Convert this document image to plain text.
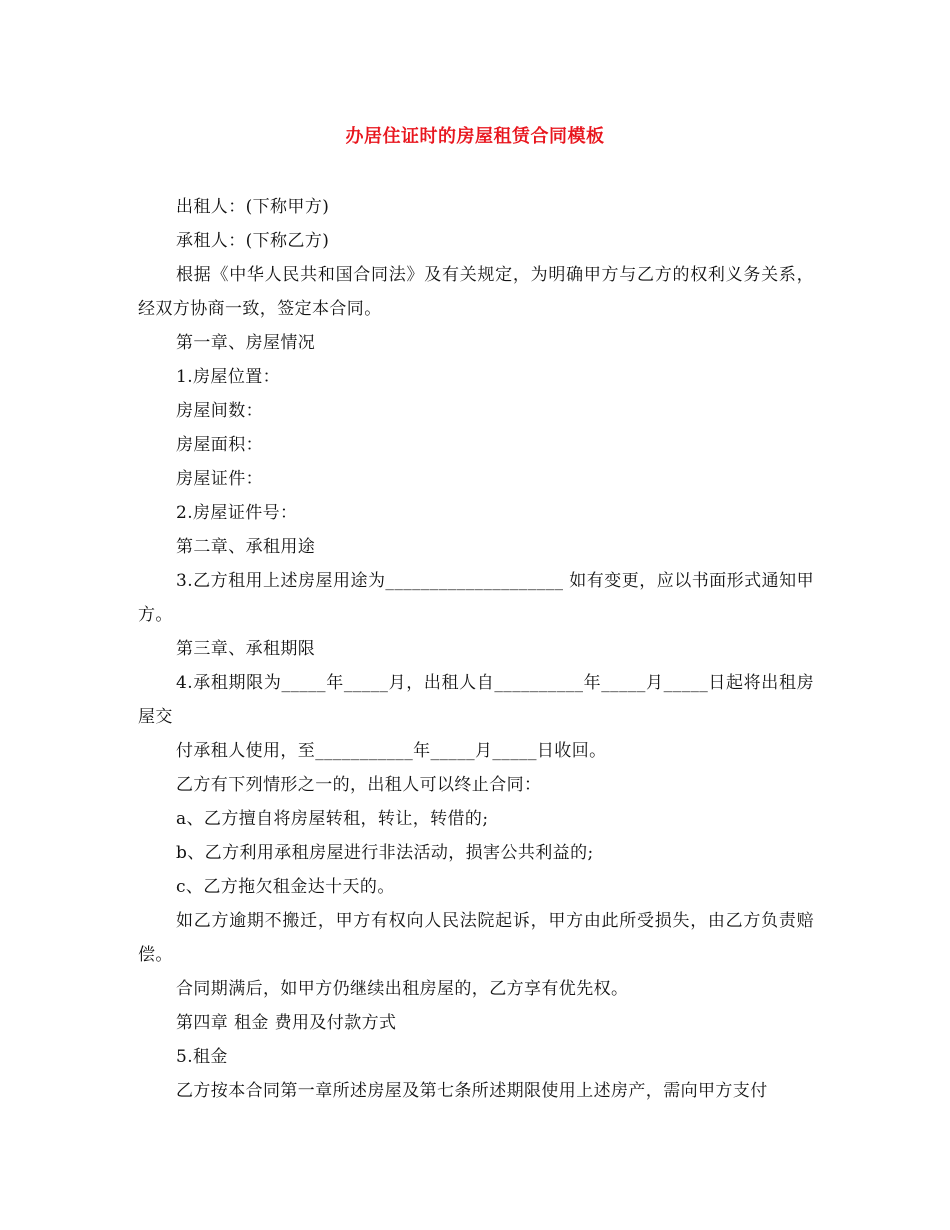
办居住证时的房屋租赁合同模板

出租人：(下称甲方)

承租人：(下称乙方)

根据《中华人民共和国合同法》及有关规定，为明确甲方与乙方的权利义务关系，经双方协商一致，签定本合同。

第一章、房屋情况

1.房屋位置：

房屋间数：

房屋面积：

房屋证件：

2.房屋证件号：

第二章、承租用途

3.乙方租用上述房屋用途为____________________ 如有变更，应以书面形式通知甲方。

第三章、承租期限

4.承租期限为_____年_____月，出租人自__________年_____月_____日起将出租房屋交

付承租人使用，至___________年_____月_____日收回。

乙方有下列情形之一的，出租人可以终止合同：

a、乙方擅自将房屋转租，转让，转借的;

b、乙方利用承租房屋进行非法活动，损害公共利益的;

c、乙方拖欠租金达十天的。

如乙方逾期不搬迁，甲方有权向人民法院起诉，甲方由此所受损失，由乙方负责赔偿。

合同期满后，如甲方仍继续出租房屋的，乙方享有优先权。

第四章 租金 费用及付款方式

5.租金

乙方按本合同第一章所述房屋及第七条所述期限使用上述房产，需向甲方支付
